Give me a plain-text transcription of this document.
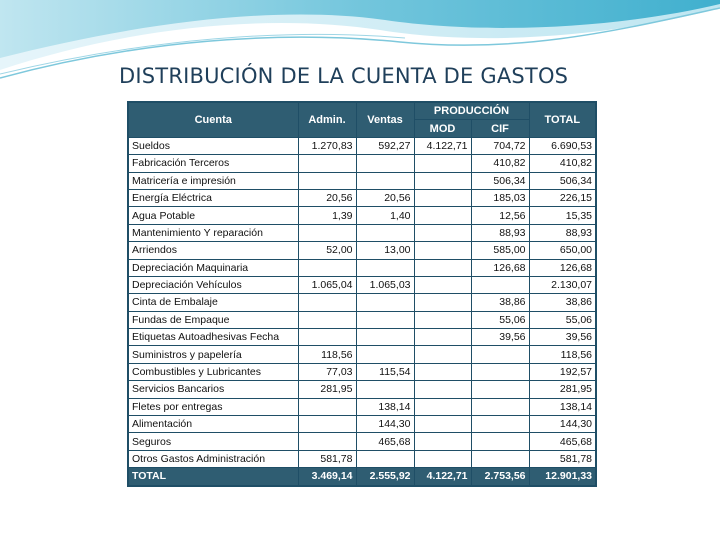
DISTRIBUCIÓN DE LA CUENTA DE GASTOS
Cuenta	Admin.	Ventas	PRODUCCIÓN		TOTAL
			MOD	CIF	
Sueldos	1.270,83	592,27	4.122,71	704,72	6.690,53
Fabricación Terceros				410,82	410,82
Matricería e impresión				506,34	506,34
Energía Eléctrica	20,56	20,56		185,03	226,15
Agua Potable	1,39	1,40		12,56	15,35
Mantenimiento Y reparación				88,93	88,93
Arriendos	52,00	13,00		585,00	650,00
Depreciación Maquinaria				126,68	126,68
Depreciación Vehículos	1.065,04	1.065,03			2.130,07
Cinta de Embalaje				38,86	38,86
Fundas de Empaque				55,06	55,06
Etiquetas Autoadhesivas Fecha				39,56	39,56
Suministros y papelería	118,56				118,56
Combustibles y Lubricantes	77,03	115,54			192,57
Servicios Bancarios	281,95				281,95
Fletes por entregas		138,14			138,14
Alimentación		144,30			144,30
Seguros		465,68			465,68
Otros Gastos Administración	581,78				581,78
TOTAL	3.469,14	2.555,92	4.122,71	2.753,56	12.901,33
